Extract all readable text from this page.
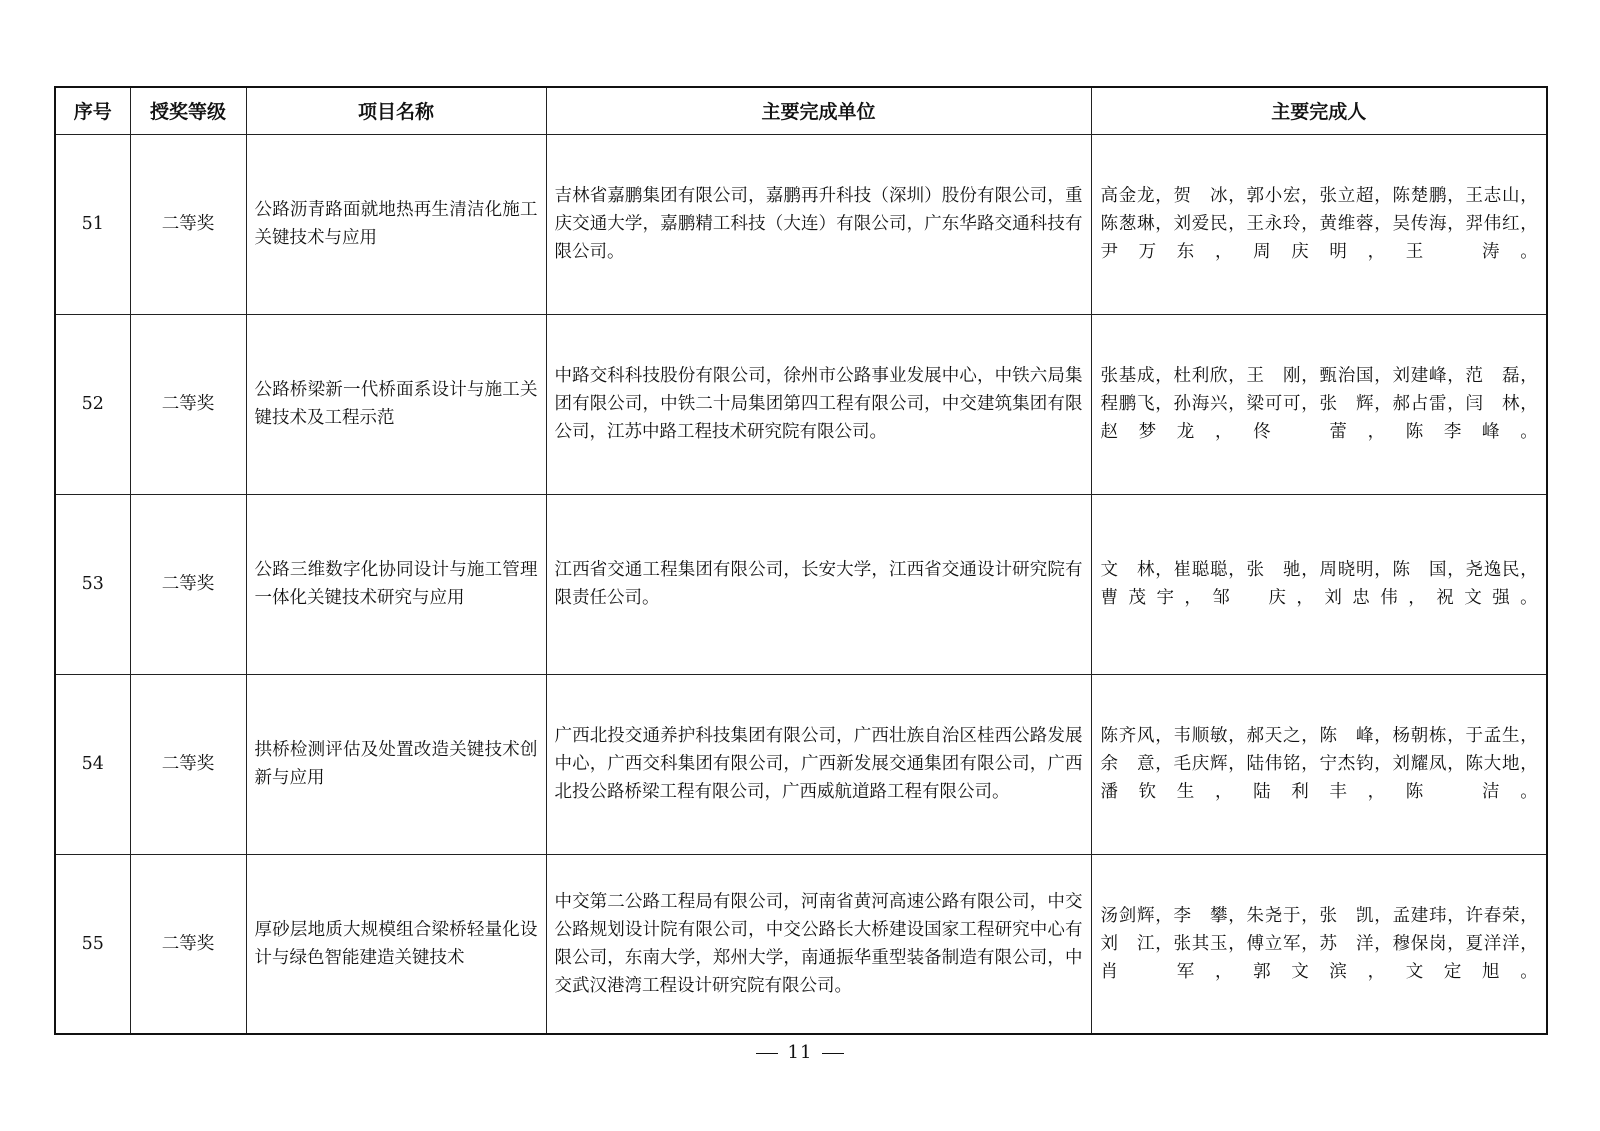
序号	授奖等级	项目名称	主要完成单位	主要完成人
51	二等奖	公路沥青路面就地热再生清洁化施工关键技术与应用	吉林省嘉鹏集团有限公司，嘉鹏再升科技（深圳）股份有限公司，重庆交通大学，嘉鹏精工科技（大连）有限公司，广东华路交通科技有限公司。	高金龙，贺　冰，郭小宏，张立超，陈楚鹏，王志山，陈葱琳，刘爱民，王永玲，黄维蓉，吴传海，羿伟红，尹万东，周庆明，王　涛。
52	二等奖	公路桥梁新一代桥面系设计与施工关键技术及工程示范	中路交科科技股份有限公司，徐州市公路事业发展中心，中铁六局集团有限公司，中铁二十局集团第四工程有限公司，中交建筑集团有限公司，江苏中路工程技术研究院有限公司。	张基成，杜利欣，王　刚，甄治国，刘建峰，范　磊，程鹏飞，孙海兴，梁可可，张　辉，郝占雷，闫　林，赵梦龙，佟　蕾，陈李峰。
53	二等奖	公路三维数字化协同设计与施工管理一体化关键技术研究与应用	江西省交通工程集团有限公司，长安大学，江西省交通设计研究院有限责任公司。	文　林，崔聪聪，张　驰，周晓明，陈　国，尧逸民，曹茂宇，邹　庆，刘忠伟，祝文强。
54	二等奖	拱桥检测评估及处置改造关键技术创新与应用	广西北投交通养护科技集团有限公司，广西壮族自治区桂西公路发展中心，广西交科集团有限公司，广西新发展交通集团有限公司，广西北投公路桥梁工程有限公司，广西威航道路工程有限公司。	陈齐风，韦顺敏，郝天之，陈　峰，杨朝栋，于孟生，余　意，毛庆辉，陆伟铭，宁杰钧，刘耀凤，陈大地，潘钦生，陆利丰，陈　洁。
55	二等奖	厚砂层地质大规模组合梁桥轻量化设计与绿色智能建造关键技术	中交第二公路工程局有限公司，河南省黄河高速公路有限公司，中交公路规划设计院有限公司，中交公路长大桥建设国家工程研究中心有限公司，东南大学，郑州大学，南通振华重型装备制造有限公司，中交武汉港湾工程设计研究院有限公司。	汤剑辉，李　攀，朱尧于，张　凯，孟建玮，许春荣，刘　江，张其玉，傅立军，苏　洋，穆保岗，夏洋洋，肖　军，郭文滨，文定旭。
11
